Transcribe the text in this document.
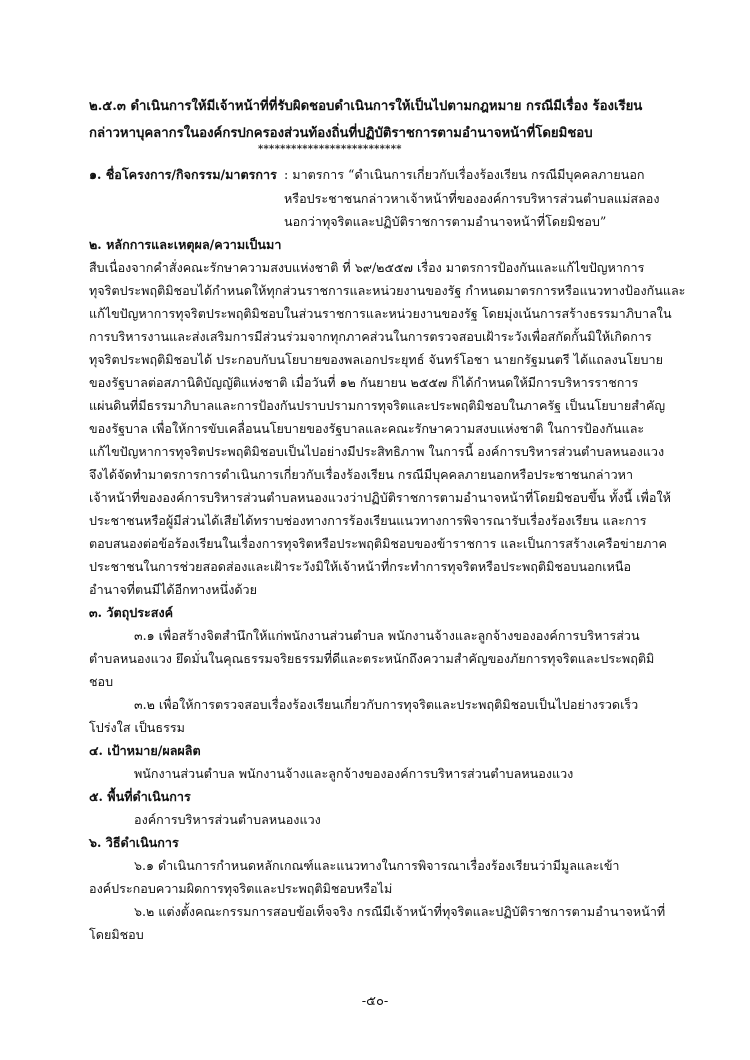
๒.๕.๓ ดำเนินการให้มีเจ้าหน้าที่ที่รับผิดชอบดำเนินการให้เป็นไปตามกฎหมาย กรณีมีเรื่อง ร้องเรียน
กล่าวหาบุคลากรในองค์กรปกครองส่วนท้องถิ่นที่ปฏิบัติราชการตามอำนาจหน้าที่โดยมิชอบ
**************************
๑. ชื่อโครงการ/กิจกรรม/มาตรการ : มาตรการ “ดำเนินการเกี่ยวกับเรื่องร้องเรียน กรณีมีบุคคลภายนอก
หรือประชาชนกล่าวหาเจ้าหน้าที่ขององค์การบริหารส่วนตำบลแม่สลอง
นอกว่าทุจริตและปฏิบัติราชการตามอำนาจหน้าที่โดยมิชอบ”
๒. หลักการและเหตุผล/ความเป็นมา
สืบเนื่องจากคำสั่งคณะรักษาความสงบแห่งชาติ ที่ ๖๙/๒๕๕๗ เรื่อง มาตรการป้องกันและแก้ไขปัญหาการ
ทุจริตประพฤติมิชอบได้กำหนดให้ทุกส่วนราชการและหน่วยงานของรัฐ กำหนดมาตรการหรือแนวทางป้องกันและ
แก้ไขปัญหาการทุจริตประพฤติมิชอบในส่วนราชการและหน่วยงานของรัฐ โดยมุ่งเน้นการสร้างธรรมาภิบาลใน
การบริหารงานและส่งเสริมการมีส่วนร่วมจากทุกภาคส่วนในการตรวจสอบเฝ้าระวังเพื่อสกัดกั้นมิให้เกิดการ
ทุจริตประพฤติมิชอบได้ ประกอบกับนโยบายของพลเอกประยุทธ์ จันทร์โอชา นายกรัฐมนตรี ได้แถลงนโยบาย
ของรัฐบาลต่อสภานิติบัญญัติแห่งชาติ เมื่อวันที่ ๑๒ กันยายน ๒๕๕๗ ก็ได้กำหนดให้มีการบริหารราชการ
แผ่นดินที่มีธรรมาภิบาลและการป้องกันปราบปรามการทุจริตและประพฤติมิชอบในภาครัฐ เป็นนโยบายสำคัญ
ของรัฐบาล เพื่อให้การขับเคลื่อนนโยบายของรัฐบาลและคณะรักษาความสงบแห่งชาติ ในการป้องกันและ
แก้ไขปัญหาการทุจริตประพฤติมิชอบเป็นไปอย่างมีประสิทธิภาพ ในการนี้ องค์การบริหารส่วนตำบลหนองแวง
จึงได้จัดทำมาตรการการดำเนินการเกี่ยวกับเรื่องร้องเรียน กรณีมีบุคคลภายนอกหรือประชาชนกล่าวหา
เจ้าหน้าที่ขององค์การบริหารส่วนตำบลหนองแวงว่าปฏิบัติราชการตามอำนาจหน้าที่โดยมิชอบขึ้น ทั้งนี้ เพื่อให้
ประชาชนหรือผู้มีส่วนได้เสียได้ทราบช่องทางการร้องเรียนแนวทางการพิจารณารับเรื่องร้องเรียน และการ
ตอบสนองต่อข้อร้องเรียนในเรื่องการทุจริตหรือประพฤติมิชอบของข้าราชการ และเป็นการสร้างเครือข่ายภาค
ประชาชนในการช่วยสอดส่องและเฝ้าระวังมิให้เจ้าหน้าที่กระทำการทุจริตหรือประพฤติมิชอบนอกเหนือ
อำนาจที่ตนมีได้อีกทางหนึ่งด้วย
๓. วัตถุประสงค์
๓.๑ เพื่อสร้างจิตสำนึกให้แก่พนักงานส่วนตำบล พนักงานจ้างและลูกจ้างขององค์การบริหารส่วน
ตำบลหนองแวง ยึดมั่นในคุณธรรมจริยธรรมที่ดีและตระหนักถึงความสำคัญของภัยการทุจริตและประพฤติมิ
ชอบ
๓.๒ เพื่อให้การตรวจสอบเรื่องร้องเรียนเกี่ยวกับการทุจริตและประพฤติมิชอบเป็นไปอย่างรวดเร็ว
โปร่งใส เป็นธรรม
๔. เป้าหมาย/ผลผลิต
พนักงานส่วนตำบล พนักงานจ้างและลูกจ้างขององค์การบริหารส่วนตำบลหนองแวง
๕. พื้นที่ดำเนินการ
องค์การบริหารส่วนตำบลหนองแวง
๖. วิธีดำเนินการ
๖.๑ ดำเนินการกำหนดหลักเกณฑ์และแนวทางในการพิจารณาเรื่องร้องเรียนว่ามีมูลและเข้า
องค์ประกอบความผิดการทุจริตและประพฤติมิชอบหรือไม่
๖.๒ แต่งตั้งคณะกรรมการสอบข้อเท็จจริง กรณีมีเจ้าหน้าที่ทุจริตและปฏิบัติราชการตามอำนาจหน้าที่
โดยมิชอบ
-๕๐-
